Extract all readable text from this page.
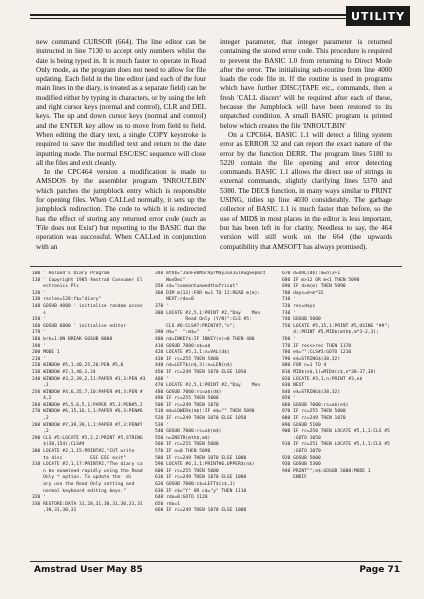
UTILITY

new command CURSOR (664). The line editor can be instructed in line 7130 to accept only numbers whilst the date is being typed in. It is much faster to operate in Read Only mode, as the program does not need to allow for file updating. Each field in the line editor (and each of the four main lines in the diary, is treated as a separate field) can be modified either by typing in characters, or by using the left and right cursor keys (normal and control), CLR and DEL keys. The up and down cursor keys (normal and control) and the ENTER key allow us to move from field to field. When editing the diary text, a single COPY keystroke is required to save the modified text and return to the date inputting mode. The normal ESC/ESC sequence will close all the files and exit cleanly.

In the CPC464 version a modification is made to AMSDOS by the assembler program 'INROUT.BIN' which patches the jumpblock entry which is responsible for opening files. When CALLed normally, it sets up the jumpblock redirection. The code to which it is redirected has the effect of storing any returned error code (such as 'File does not Exist') but reporting to the BASIC that the operation was successful. When CALLed in conjunction with an

integer parameter, that integer parameter is returned containing the stored error code. This procedure is required to prevent the BASIC 1.0 from returning to Direct Mode after the error. The initialising sub-routine from line 4000 loads the code file in. If the routine is used in programs which have further |DISC/|TAPE etc., commands, then a fresh 'CALL discerr' will be required after each of these, because the Jumpblock will have been restored to its unpatched condition. A small BASIC program is printed below which creates the file 'INROUT.BIN'

On a CPC664, BASIC 1.1 will detect a filing system error as ERROR 32 and can report the exact nature of the error by the function DERR. The program lines 5180 to 5220 contain the file opening and error detecting commands. BASIC 1.1 allows the direct use of strings in external commands, slightly clarifying lines 5370 and 5380. The DEC$ function, in many ways similar to PRINT USING, tidies up line 4030 considerably. The garbage collector of BASIC 1.1 is much faster than before, so the use of MID$ in most places in the editor is less important, but has been left in for clarity. Needless to say, the 464 version will still work on the 664 (the upwards compatibility that AMSOFT has always promised).

100 ' Roland's Diary Program
110 ' Copyright 1985 Amstrad Consumer El
ectronics Plc
120 '
130 reclen=128:f$="diary"
140 GOSUB 4000 ' initialise random acces
s
150 '
160 GOSUB 6000 ' initialise editor
170 '
180 brk=1:ON BREAK GOSUB 8000
190 '
200 MODE 1
210 '
220 WINDOW #5,1,40,25,26:PEN #5,0
230 WINDOW #2,1,40,1,24
240 WINDOW #3,2,39,2,11:PAPER #3,3:PEN #3
,1
250 WINDOW #4,6,35,7,10:PAPER #4,3:PEN #
4,2
260 WINDOW #5,5,6,5,1:PAPER #5,3:PEN#5,2
270 WINDOW #6,15,16,1,1:PAPER #6,3:PEN#6
,2
280 WINDOW #7,39,39,1,1:PAPER #7,3:PEN#7
,2
290 CLS #5:LOCATE #5,2,2:PRINT #5,STRING
$(38,154);CLS#4
300 LOCATE #2,1,15:PRINT#2,"CUT write
to disc          ESC ESC exit"
310 LOCATE #2,1,17:PRINT#2,"The diary ca
n be examined rapidly using the Read
Only * option. To update the  di
ary use the Read Only setting and
normal keyboard editing keys."
320 '
330 RESTORE:DATA 31,28,31,30,31,30,31,31
,30,31,30,31
340 mth$="JanFebMarAprMayJunJulAugSepOct
NovDec"
350 s$="sunmontuewedthufrisat"
360 DIM m(12):FOR m=1 TO 12:READ m(m):
NEXT:rdo=0
370 '
380 LOCATE #2,5,1:PRINT #2,"Day    Mon
Read Only (Y/N)":CLS #5:
CLS #6:CLS#7:PRINT#7,"n";
390 d$="  ":m$="   "
400 n$=INKEY$:IF INKEY(n)<0 THEN 400
410 GOSUB 7000:n$=a$
420 LOCATE #5,1,1:n=VAL(d$)
430 IF rc=255 THEN 5000
440 n$=LEFT$(n$,3):n=LEN(n$)
450 IF rc=249 THEN 1070 ELSE 1050
460 '
470 LOCATE #2,5,1:PRINT #2,"Day    Mon
480 GOSUB 7000:rc=a$(d$)
490 IF rc=255 THEN 5000
500 IF rc=249 THEN 1070
510 m$=LOWER$(m$):IF m$="" THEN 5090
520 IF rc=249 THEN 1070 ELSE 1050
530 '
540 GOSUB 7000:rc=a$(m$)
550 n=INSTR(mth$,m$)
560 IF rc=255 THEN 5000
570 IF n=0 THEN 5090
580 IF rc=249 THEN 1070 ELSE 1080
590 LOCATE #6,1,1:PRINT#6,UPPER$(n$)
600 IF rc=255 THEN 5000
610 IF rc=249 THEN 1070 ELSE 1080
620 GOSUB 7000:c$=LEFT$(c$,1)
630 IF c$="Y" OR c$="y" THEN 1110
640 rdo=0:GOTO 1120
650 rdo=1
660 IF rc=249 THEN 1070 ELSE 1080
670 d=VAL(d$):m=n\3+1
680 IF m>12 OR m<1 THEN 5090
690 IF d>m(m) THEN 5090
700 days=d+m*32
710 '
720 rec=days
730 '
740 GOSUB 5000
750 LOCATE #5,15,1:PRINT #5,USING "##";
d;:PRINT #5,MID$(mth$,m*3-2,3);
760 '
770 IF rec<>rec THEN 1170
780 e$="":CLS#3:GOTO 1210
790 e$=STRING$(38,32)
800 FOR n=1 TO 4
810 MID$(e$,1)=MID$(c$,n*38-37,38)
820 LOCATE #3,1,n:PRINT #3,e$
830 NEXT
840 e$=STRING$(38,32)
850 '
860 GOSUB 7000:rc=a$(e$)
870 IF rc=255 THEN 5000
880 IF rc=249 THEN 1070
890 GOSUB 5100
900 IF rc=250 THEN LOCATE #5,1,1:CLS #5
:GOTO 1050
910 IF rc=251 THEN LOCATE #5,1,1:CLS #5
:GOTO 1070
920 GOSUB 5000
930 GOSUB 5300
940 PRINT"";e$:GOSUB 5000:MODE 1
ENDIF
Amstrad User May 85	Page 71
